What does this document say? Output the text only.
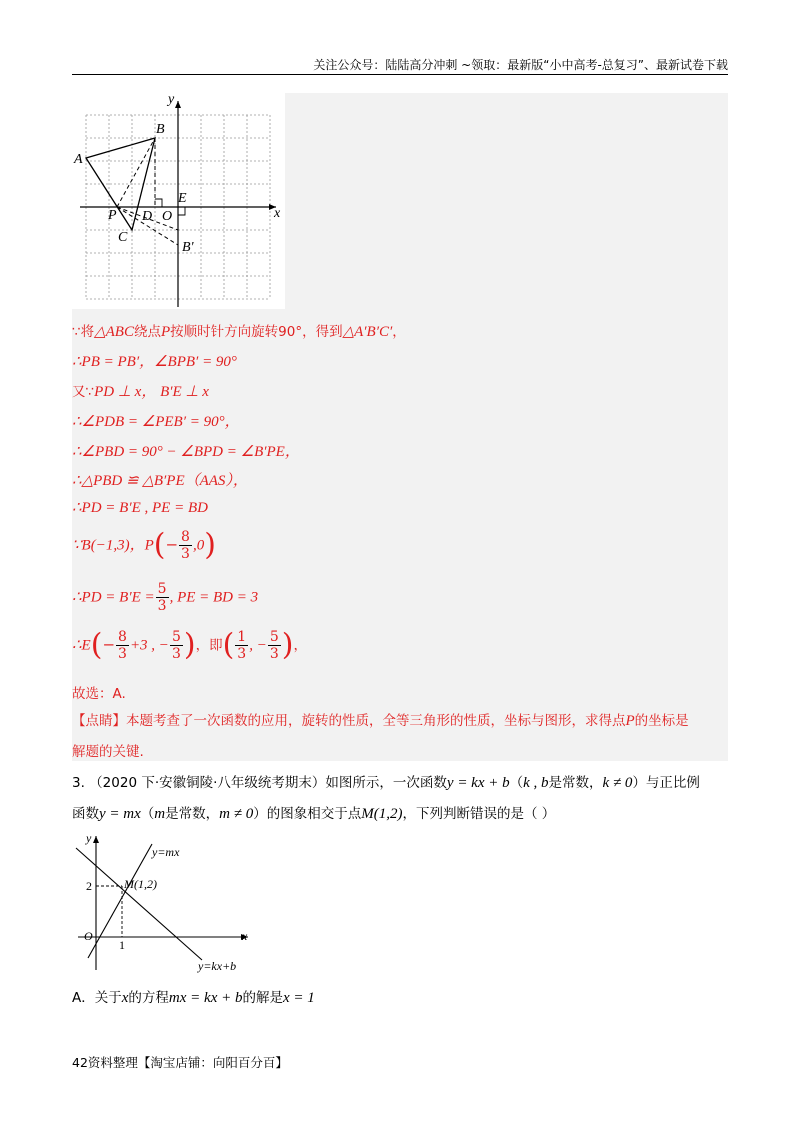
关注公众号：陆陆高分冲刺 ~领取：最新版“小中高考-总复习”、最新试卷下载
y
x
A
B
C
P D O
E
B'
∵将△ABC绕点P按顺时针方向旋转90°，得到△A′B′C′，
∴PB = PB′，∠BPB′ = 90°
又∵PD ⊥ x， B′E ⊥ x
∴∠PDB = ∠PEB′ = 90°，
∴∠PBD = 90° − ∠BPD = ∠B′PE，
∴△PBD ≌ △B′PE（AAS），
∴PD = B′E , PE = BD
∵B(−1,3)，$P(- \frac{8}{3} ,0)$
∴PD = $B'E = \frac{5}{3}$ , PE = BD = 3
∴E(− $\frac{8}{3} +3$ , − $\frac{5}{3}$ )，即( $\frac{1}{3}$ , − $\frac{5}{3}$ )，
故选：A.
【点睛】本题考查了一次函数的应用，旋转的性质，全等三角形的性质，坐标与图形，求得点P的坐标是
解题的关键.
3. （2020 下·安徽铜陵·八年级统考期末）如图所示，一次函数y = kx + b（k , b是常数，k ≠ 0）与正比例
函数y = mx（m是常数，m ≠ 0）的图象相交于点M(1,2)，下列判断错误的是（ ）
y
x
O
M(1,2)
y=mx
y=kx+b
2
1
A．关于x的方程mx = kx + b的解是x = 1
42资料整理【淘宝店铺：向阳百分百】
